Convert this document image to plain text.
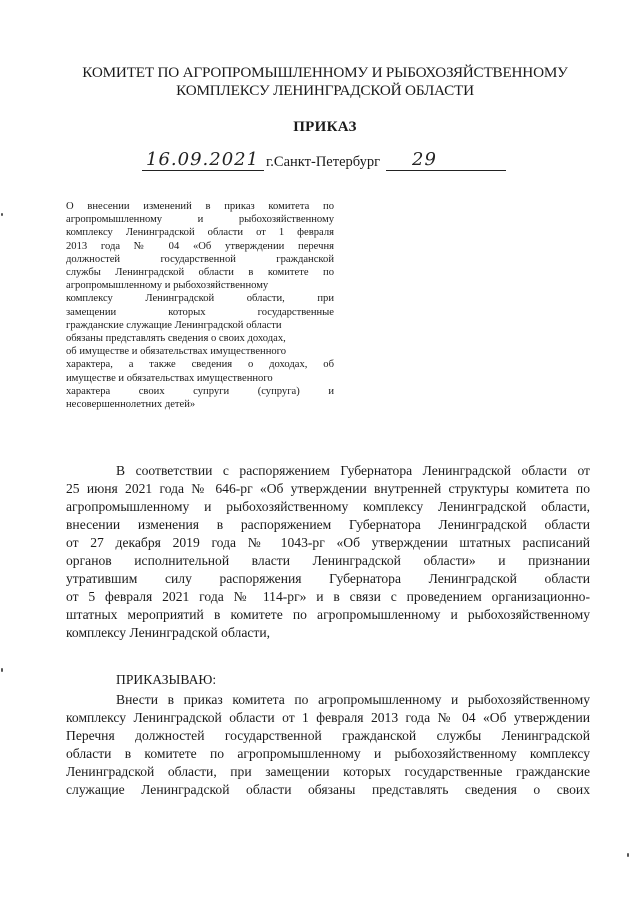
КОМИТЕТ ПО АГРОПРОМЫШЛЕННОМУ И РЫБОХОЗЯЙСТВЕННОМУ
КОМПЛЕКСУ ЛЕНИНГРАДСКОЙ ОБЛАСТИ
ПРИКАЗ
16.09.2021 г.Санкт-Петербург 29

О внесении изменений в приказ комитета по

агропромышленному и рыбохозяйственному

комплексу Ленинградской области от 1 февраля

2013 года № 04 «Об утверждении перечня

должностей государственной гражданской

службы Ленинградской области в комитете по

агропромышленному и рыбохозяйственному

комплексу Ленинградской области, при

замещении которых государственные

гражданские служащие Ленинградской области

обязаны представлять сведения о своих доходах,

об имуществе и обязательствах имущественного

характера, а также сведения о доходах, об

имуществе и обязательствах имущественного

характера своих супруги (супруга) и

несовершеннолетних детей»

В соответствии с распоряжением Губернатора Ленинградской области от

25 июня 2021 года № 646-рг «Об утверждении внутренней структуры комитета по

агропромышленному и рыбохозяйственному комплексу Ленинградской области,

внесении изменения в распоряжением Губернатора Ленинградской области

от 27 декабря 2019 года № 1043-рг «Об утверждении штатных расписаний

органов исполнительной власти Ленинградской области» и признании

утратившим силу распоряжения Губернатора Ленинградской области

от 5 февраля 2021 года № 114-рг» и в связи с проведением организационно-

штатных мероприятий в комитете по агропромышленному и рыбохозяйственному

комплексу Ленинградской области,

ПРИКАЗЫВАЮ:

Внести в приказ комитета по агропромышленному и рыбохозяйственному

комплексу Ленинградской области от 1 февраля 2013 года № 04 «Об утверждении

Перечня должностей государственной гражданской службы Ленинградской

области в комитете по агропромышленному и рыбохозяйственному комплексу

Ленинградской области, при замещении которых государственные гражданские

служащие Ленинградской области обязаны представлять сведения о своих
